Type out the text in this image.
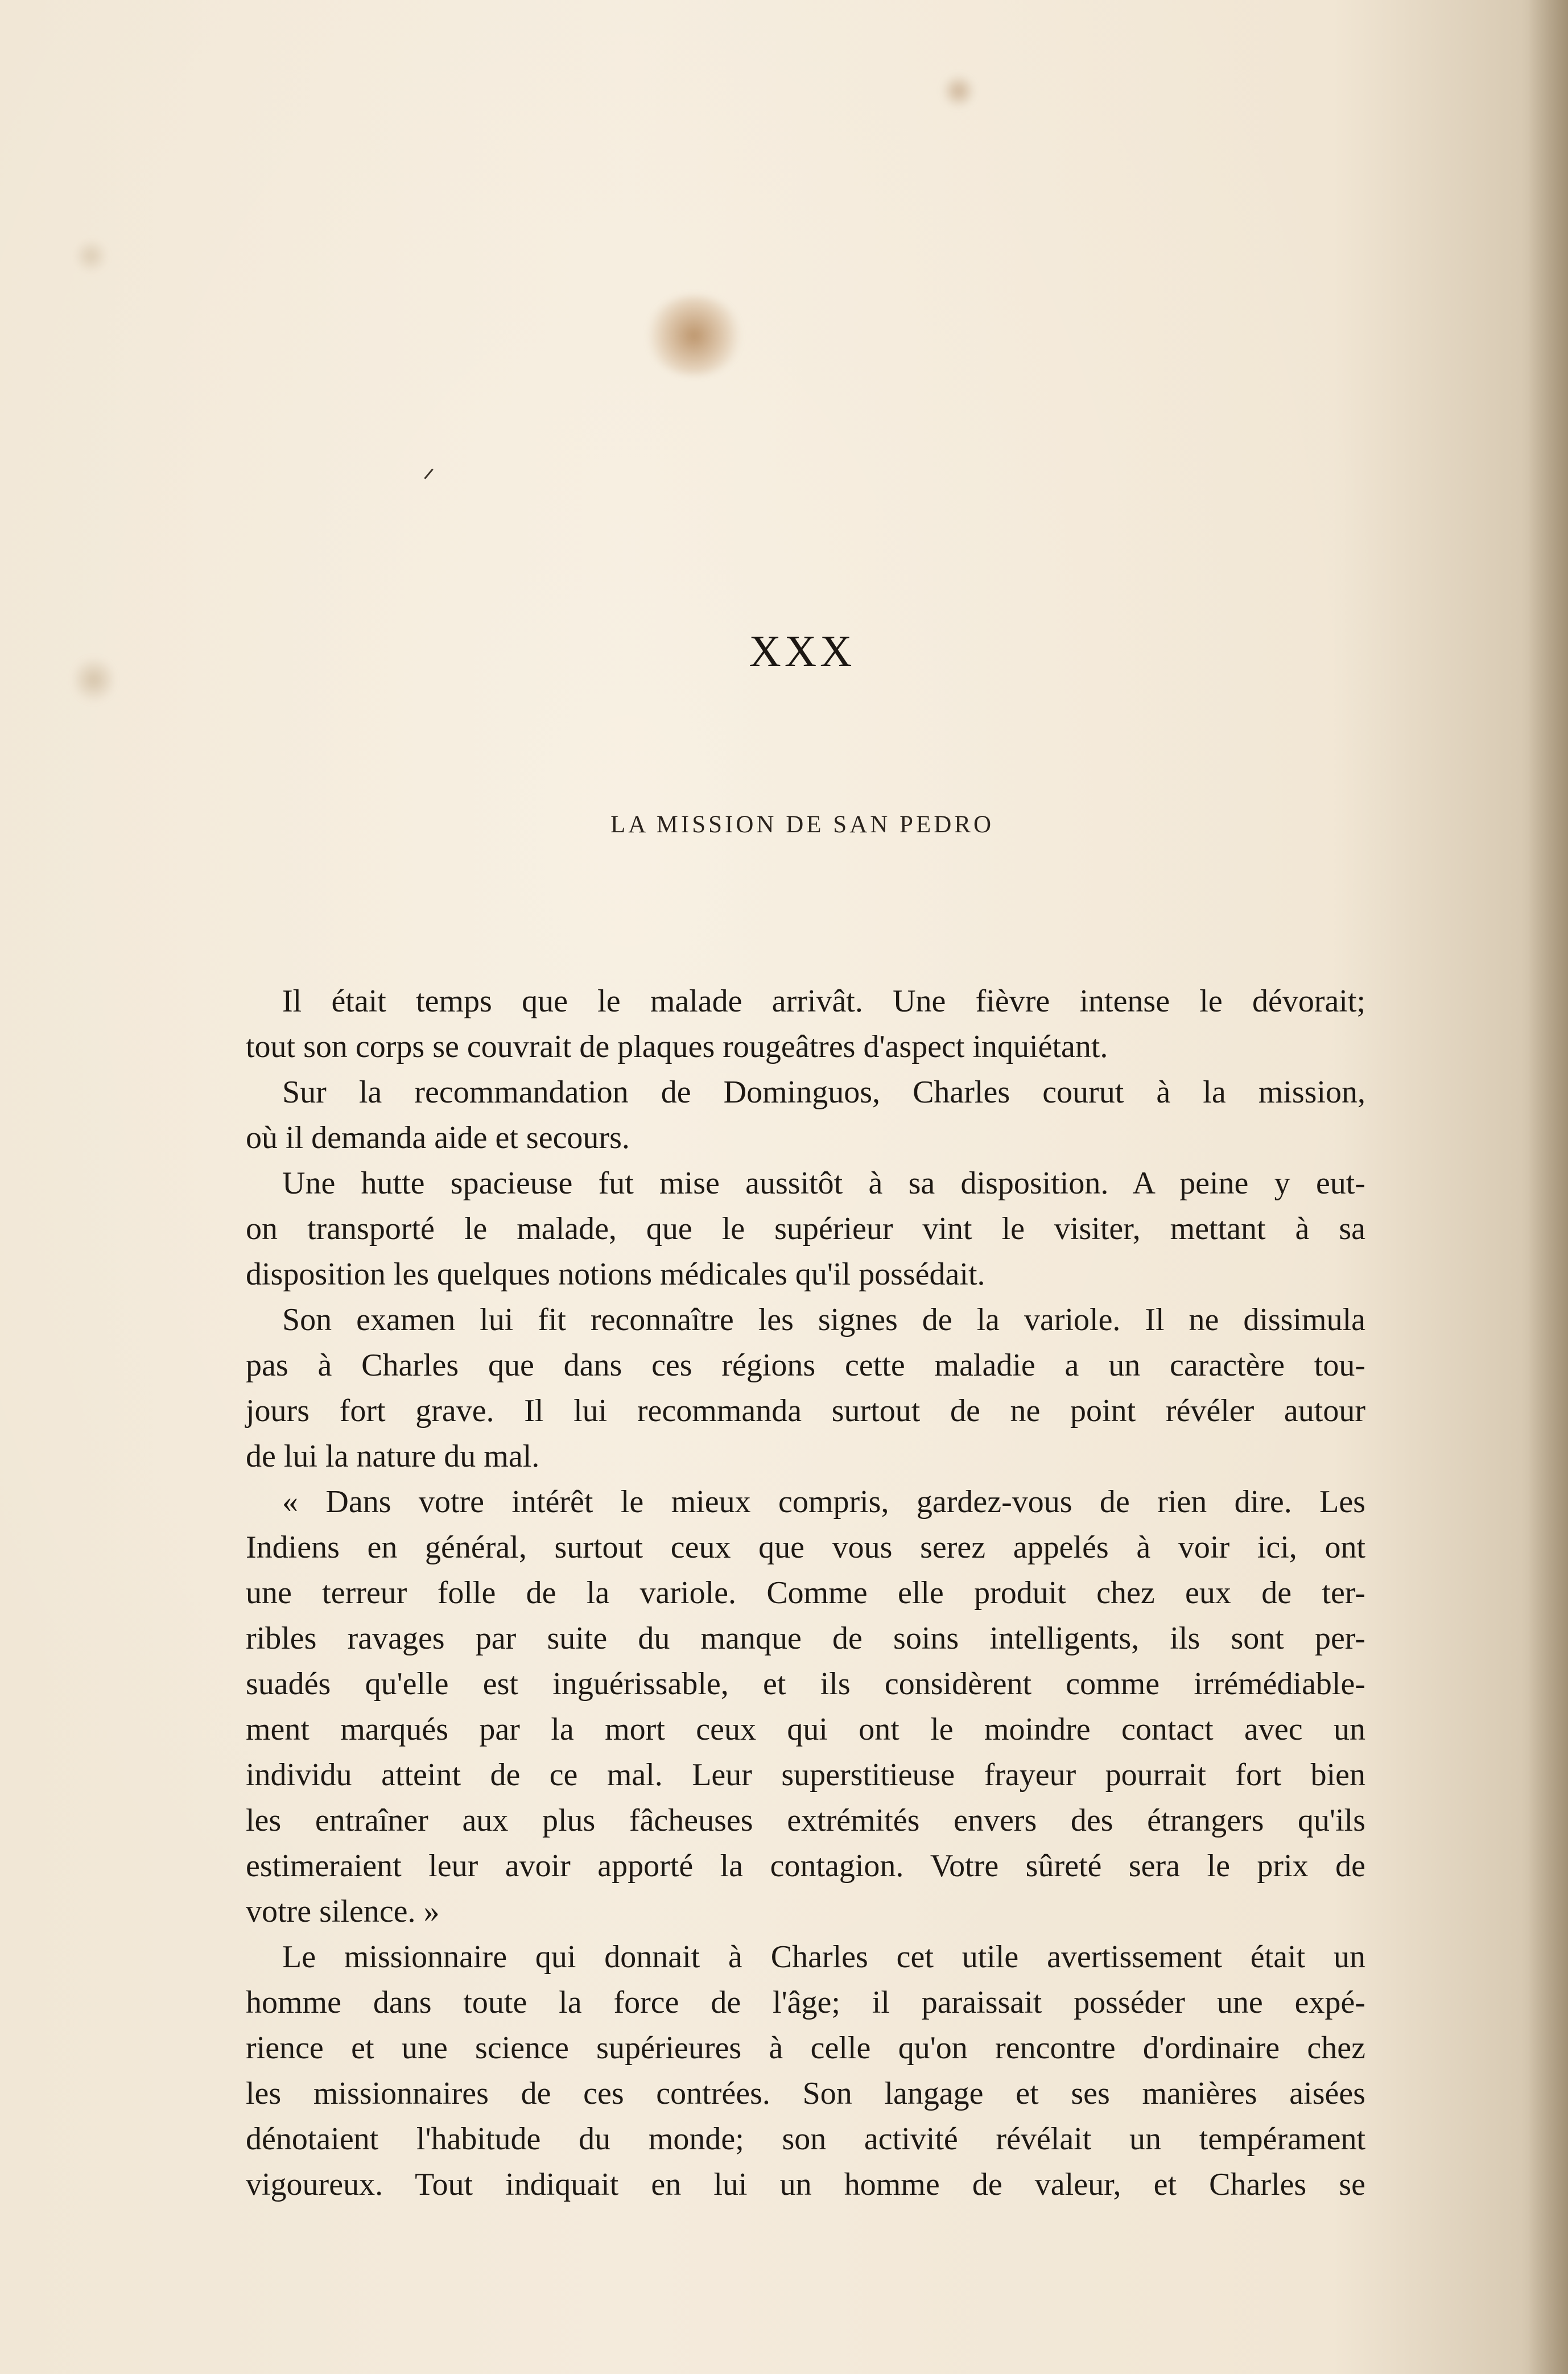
XXX
LA MISSION DE SAN PEDRO
Il était temps que le malade arrivât. Une fièvre intense le dévorait;
tout son corps se couvrait de plaques rougeâtres d'aspect inquiétant.
Sur la recommandation de Dominguos, Charles courut à la mission,
où il demanda aide et secours.
Une hutte spacieuse fut mise aussitôt à sa disposition. A peine y eut-
on transporté le malade, que le supérieur vint le visiter, mettant à sa
disposition les quelques notions médicales qu'il possédait.
Son examen lui fit reconnaître les signes de la variole. Il ne dissimula
pas à Charles que dans ces régions cette maladie a un caractère tou-
jours fort grave. Il lui recommanda surtout de ne point révéler autour
de lui la nature du mal.
« Dans votre intérêt le mieux compris, gardez-vous de rien dire. Les
Indiens en général, surtout ceux que vous serez appelés à voir ici, ont
une terreur folle de la variole. Comme elle produit chez eux de ter-
ribles ravages par suite du manque de soins intelligents, ils sont per-
suadés qu'elle est inguérissable, et ils considèrent comme irrémédiable-
ment marqués par la mort ceux qui ont le moindre contact avec un
individu atteint de ce mal. Leur superstitieuse frayeur pourrait fort bien
les entraîner aux plus fâcheuses extrémités envers des étrangers qu'ils
estimeraient leur avoir apporté la contagion. Votre sûreté sera le prix de
votre silence. »
Le missionnaire qui donnait à Charles cet utile avertissement était un
homme dans toute la force de l'âge; il paraissait posséder une expé-
rience et une science supérieures à celle qu'on rencontre d'ordinaire chez
les missionnaires de ces contrées. Son langage et ses manières aisées
dénotaient l'habitude du monde; son activité révélait un tempérament
vigoureux. Tout indiquait en lui un homme de valeur, et Charles se
